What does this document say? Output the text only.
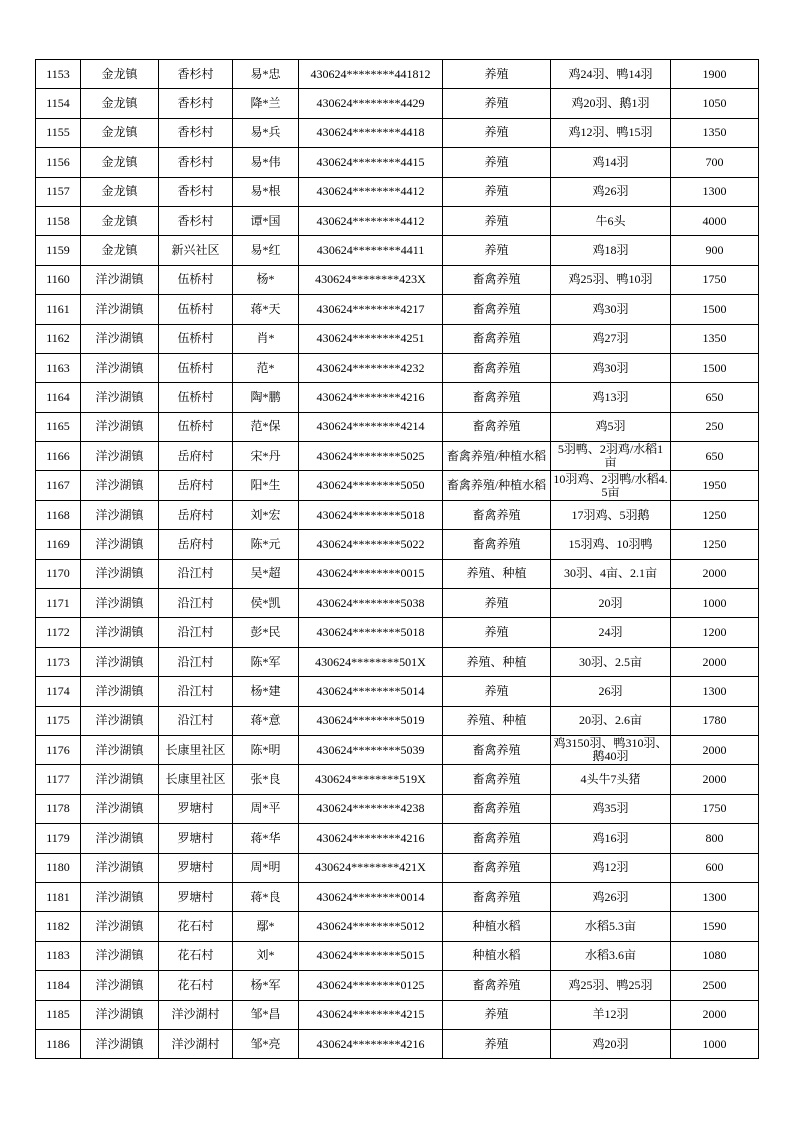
1153	金龙镇	香杉村	易*忠	430624********441812	养殖	鸡24羽、鸭14羽	1900
1154	金龙镇	香杉村	降*兰	430624********4429	养殖	鸡20羽、鹅1羽	1050
1155	金龙镇	香杉村	易*兵	430624********4418	养殖	鸡12羽、鸭15羽	1350
1156	金龙镇	香杉村	易*伟	430624********4415	养殖	鸡14羽	700
1157	金龙镇	香杉村	易*根	430624********4412	养殖	鸡26羽	1300
1158	金龙镇	香杉村	谭*国	430624********4412	养殖	牛6头	4000
1159	金龙镇	新兴社区	易*红	430624********4411	养殖	鸡18羽	900
1160	洋沙湖镇	伍桥村	杨*	430624********423X	畜禽养殖	鸡25羽、鸭10羽	1750
1161	洋沙湖镇	伍桥村	蒋*天	430624********4217	畜禽养殖	鸡30羽	1500
1162	洋沙湖镇	伍桥村	肖*	430624********4251	畜禽养殖	鸡27羽	1350
1163	洋沙湖镇	伍桥村	范*	430624********4232	畜禽养殖	鸡30羽	1500
1164	洋沙湖镇	伍桥村	陶*鹏	430624********4216	畜禽养殖	鸡13羽	650
1165	洋沙湖镇	伍桥村	范*保	430624********4214	畜禽养殖	鸡5羽	250
1166	洋沙湖镇	岳府村	宋*丹	430624********5025	畜禽养殖/种植水稻	5羽鸭、2羽鸡/水稻1亩	650
1167	洋沙湖镇	岳府村	阳*生	430624********5050	畜禽养殖/种植水稻	10羽鸡、2羽鸭/水稻4.5亩	1950
1168	洋沙湖镇	岳府村	刘*宏	430624********5018	畜禽养殖	17羽鸡、5羽鹅	1250
1169	洋沙湖镇	岳府村	陈*元	430624********5022	畜禽养殖	15羽鸡、10羽鸭	1250
1170	洋沙湖镇	沿江村	吴*超	430624********0015	养殖、种植	30羽、4亩、2.1亩	2000
1171	洋沙湖镇	沿江村	侯*凯	430624********5038	养殖	20羽	1000
1172	洋沙湖镇	沿江村	彭*民	430624********5018	养殖	24羽	1200
1173	洋沙湖镇	沿江村	陈*军	430624********501X	养殖、种植	30羽、2.5亩	2000
1174	洋沙湖镇	沿江村	杨*建	430624********5014	养殖	26羽	1300
1175	洋沙湖镇	沿江村	蒋*意	430624********5019	养殖、种植	20羽、2.6亩	1780
1176	洋沙湖镇	长康里社区	陈*明	430624********5039	畜禽养殖	鸡3150羽、鸭310羽、鹅40羽	2000
1177	洋沙湖镇	长康里社区	张*良	430624********519X	畜禽养殖	4头牛7头猪	2000
1178	洋沙湖镇	罗塘村	周*平	430624********4238	畜禽养殖	鸡35羽	1750
1179	洋沙湖镇	罗塘村	蒋*华	430624********4216	畜禽养殖	鸡16羽	800
1180	洋沙湖镇	罗塘村	周*明	430624********421X	畜禽养殖	鸡12羽	600
1181	洋沙湖镇	罗塘村	蒋*良	430624********0014	畜禽养殖	鸡26羽	1300
1182	洋沙湖镇	花石村	鄢*	430624********5012	种植水稻	水稻5.3亩	1590
1183	洋沙湖镇	花石村	刘*	430624********5015	种植水稻	水稻3.6亩	1080
1184	洋沙湖镇	花石村	杨*军	430624********0125	畜禽养殖	鸡25羽、鸭25羽	2500
1185	洋沙湖镇	洋沙湖村	邹*昌	430624********4215	养殖	羊12羽	2000
1186	洋沙湖镇	洋沙湖村	邹*亮	430624********4216	养殖	鸡20羽	1000
